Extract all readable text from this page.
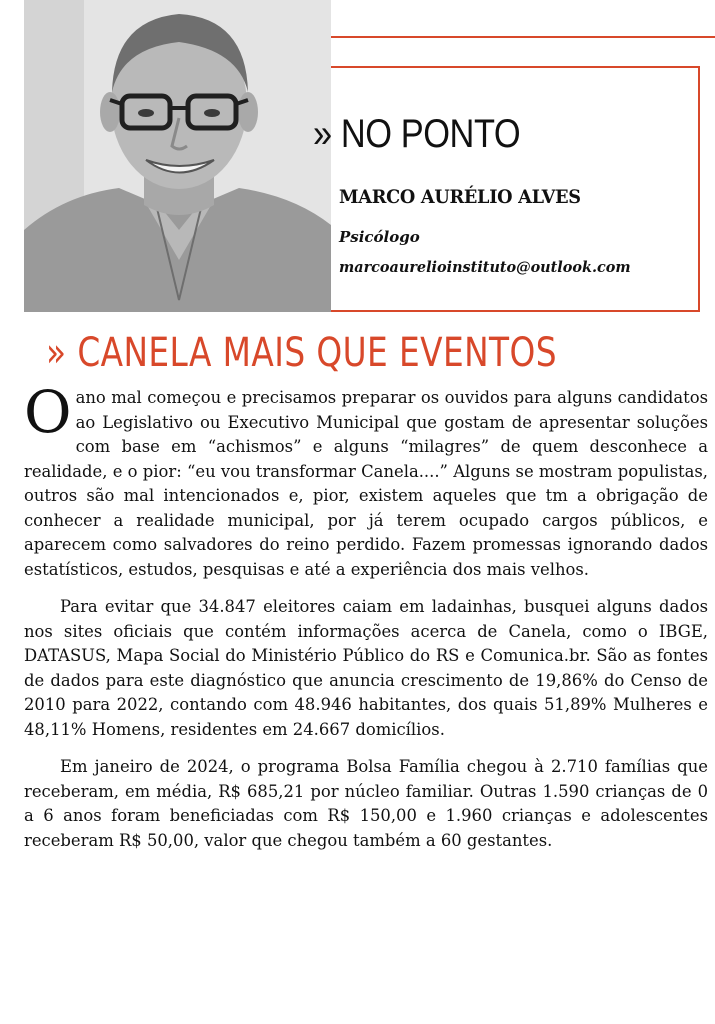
» NO PONTO
MARCO AURÉLIO ALVES
Psicólogo
marcoaurelioinstituto@outlook.com
» CANELA MAIS QUE EVENTOS

O ano mal começou e precisamos preparar os ouvidos para alguns candidatos ao Legislativo ou Executivo Municipal que gostam de apresentar soluções com base em “achismos” e alguns “milagres” de quem desconhece a realidade, e o pior: “eu vou transformar Canela....” Alguns se mostram populistas, outros são mal intencionados e, pior, existem aqueles que tm a obrigação de conhecer a realidade municipal, por já terem ocupado cargos públicos, e aparecem como salvadores do reino perdido. Fazem promessas ignorando dados estatísticos, estudos, pesquisas e até a experiência dos mais velhos.

Para evitar que 34.847 eleitores caiam em ladainhas, busquei alguns dados nos sites oficiais que contém informações acerca de Canela, como o IBGE, DATASUS, Mapa Social do Ministério Público do RS e Comunica.br. São as fontes de dados para este diagnóstico que anuncia crescimento de 19,86% do Censo de 2010 para 2022, contando com 48.946 habitantes, dos quais 51,89% Mulheres e 48,11% Homens, residentes em 24.667 domicílios.

Em janeiro de 2024, o programa Bolsa Família chegou à 2.710 famílias que receberam, em média, R$ 685,21 por núcleo familiar. Outras 1.590 crianças de 0 a 6 anos foram beneficiadas com R$ 150,00 e 1.960 crianças e adolescentes receberam R$ 50,00, valor que chegou também a 60 gestantes.
